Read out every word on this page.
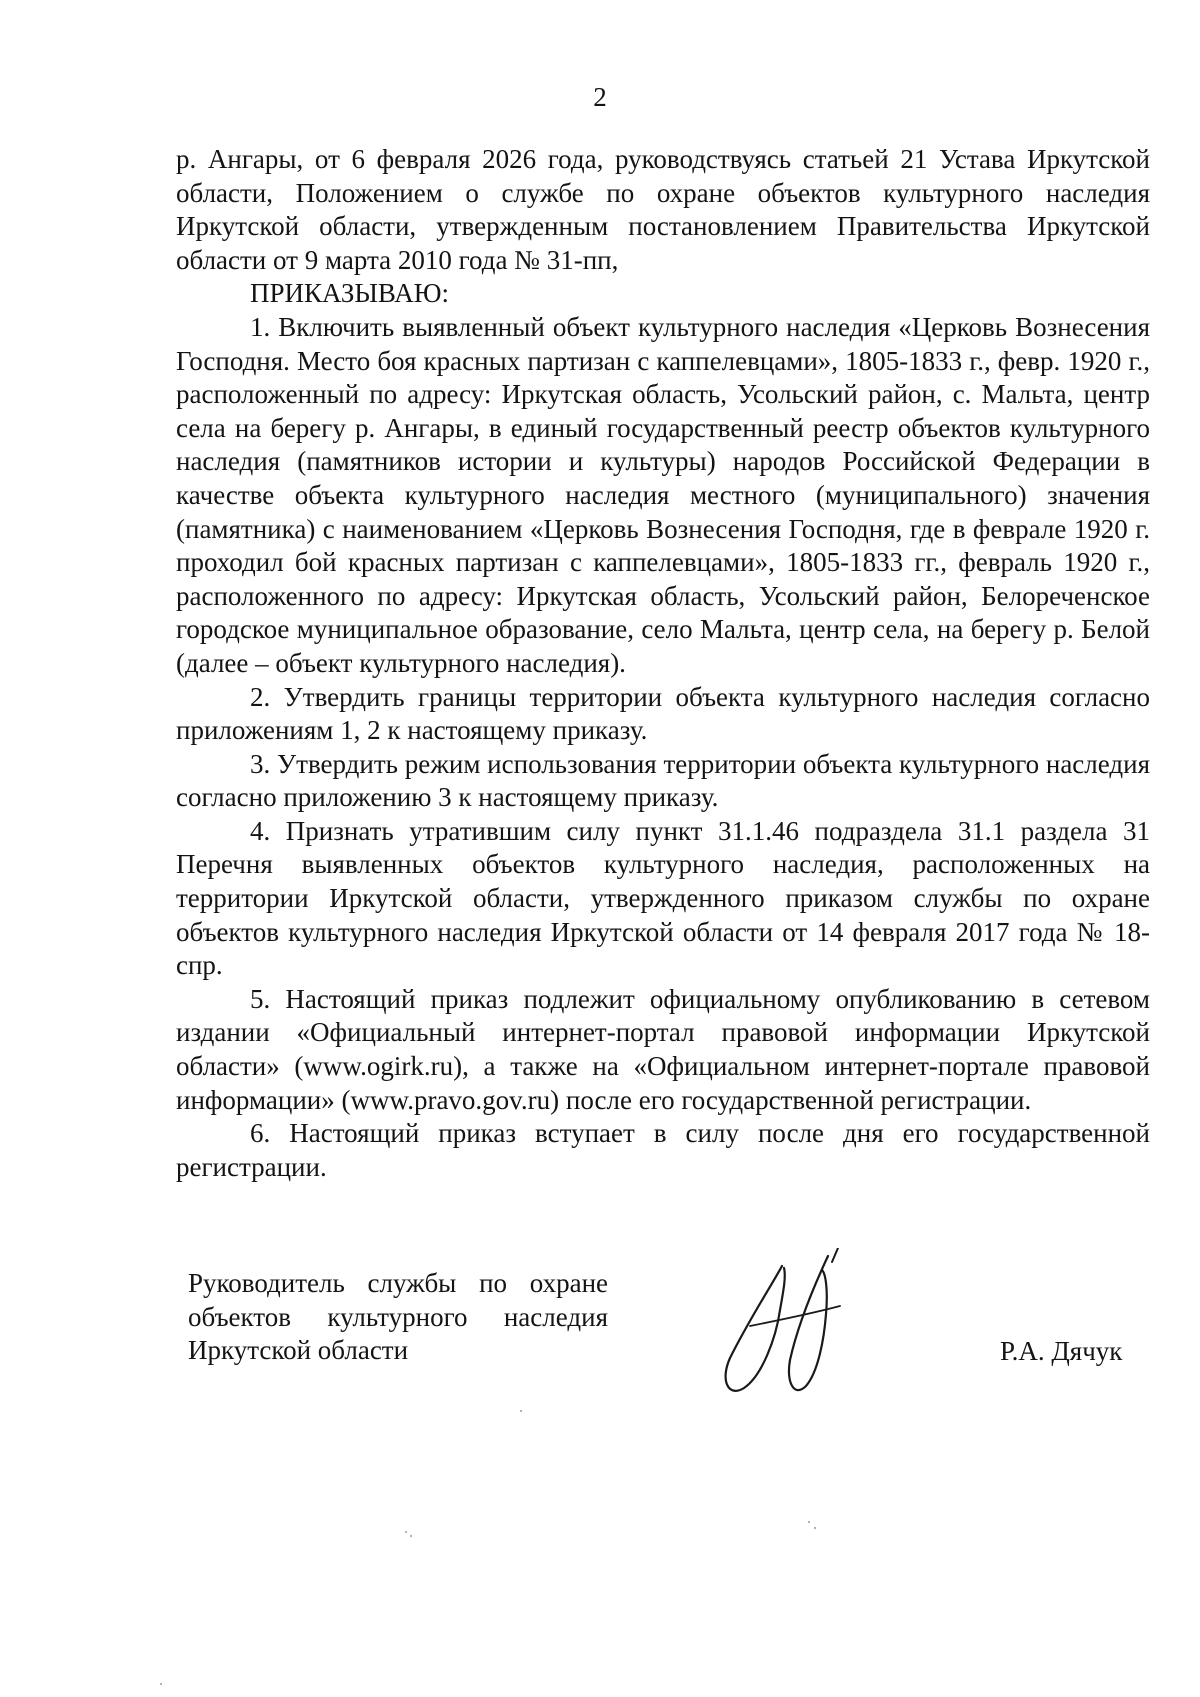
2

р. Ангары, от 6 февраля 2026 года, руководствуясь статьей 21 Устава Иркутской области, Положением о службе по охране объектов культурного наследия Иркутской области, утвержденным постановлением Правительства Иркутской области от 9 марта 2010 года № 31-пп,

ПРИКАЗЫВАЮ:

1. Включить выявленный объект культурного наследия «Церковь Вознесения Господня. Место боя красных партизан с каппелевцами», 1805-1833 г., февр. 1920 г., расположенный по адресу: Иркутская область, Усольский район, с. Мальта, центр села на берегу р. Ангары, в единый государственный реестр объектов культурного наследия (памятников истории и культуры) народов Российской Федерации в качестве объекта культурного наследия местного (муниципального) значения (памятника) с наименованием «Церковь Вознесения Господня, где в феврале 1920 г. проходил бой красных партизан с каппелевцами», 1805-1833 гг., февраль 1920 г., расположенного по адресу: Иркутская область, Усольский район, Белореченское городское муниципальное образование, село Мальта, центр села, на берегу р. Белой (далее – объект культурного наследия).

2. Утвердить границы территории объекта культурного наследия согласно приложениям 1, 2 к настоящему приказу.

3. Утвердить режим использования территории объекта культурного наследия согласно приложению 3 к настоящему приказу.

4. Признать утратившим силу пункт 31.1.46 подраздела 31.1 раздела 31 Перечня выявленных объектов культурного наследия, расположенных на территории Иркутской области, утвержденного приказом службы по охране объектов культурного наследия Иркутской области от 14 февраля 2017 года № 18-спр.

5. Настоящий приказ подлежит официальному опубликованию в сетевом издании «Официальный интернет-портал правовой информации Иркутской области» (www.ogirk.ru), а также на «Официальном интернет-портале правовой информации» (www.pravo.gov.ru) после его государственной регистрации.

6. Настоящий приказ вступает в силу после дня его государственной регистрации.

Руководитель службы по охране
объектов культурного наследия
Иркутской области	Р.А. Дячук
